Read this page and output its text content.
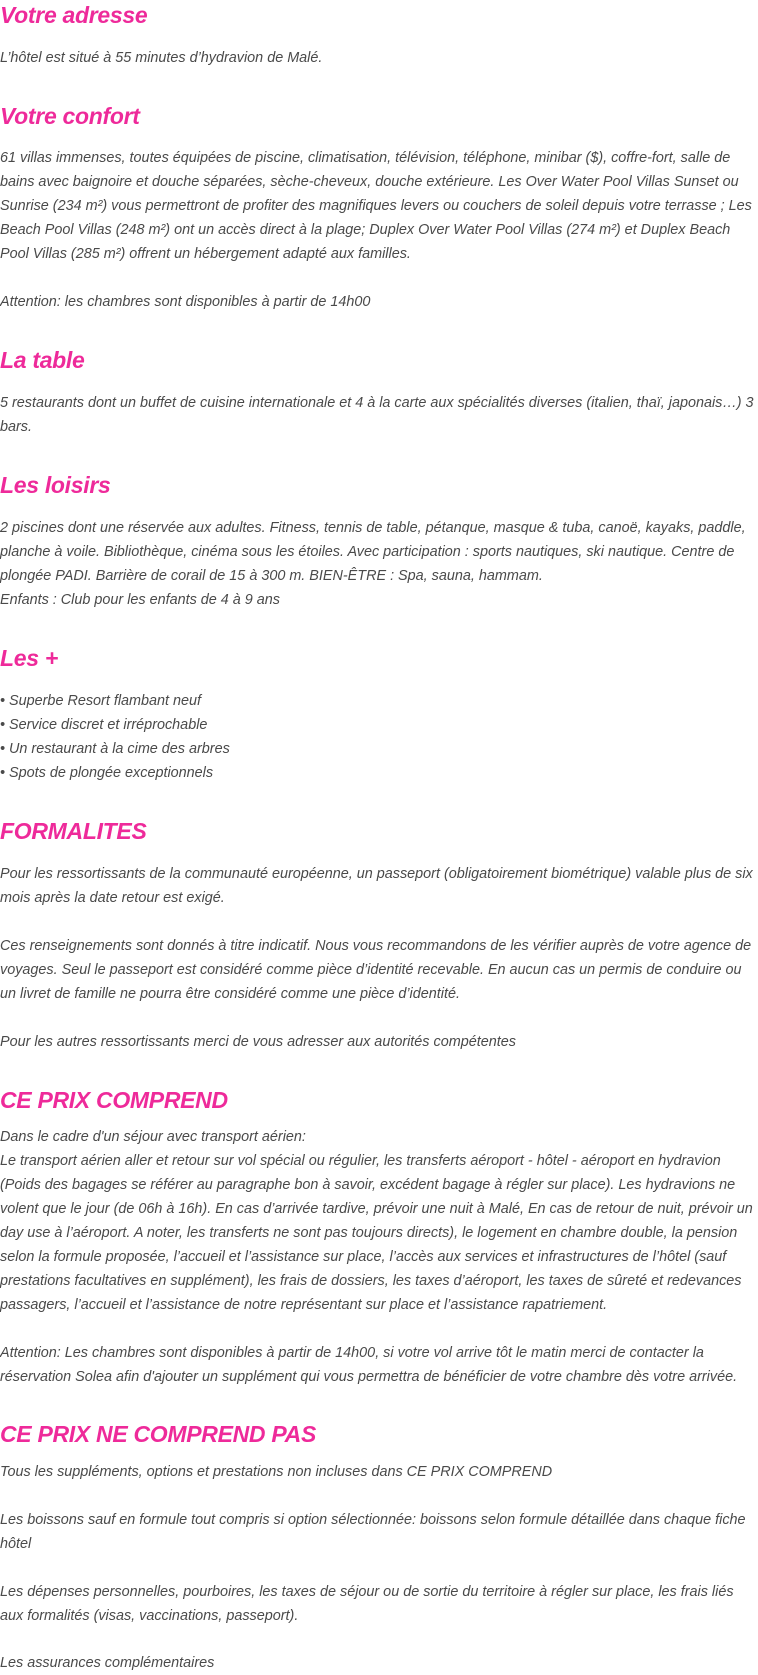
Votre adresse

L’hôtel est situé à 55 minutes d’hydravion de Malé.

Votre confort

61 villas immenses, toutes équipées de piscine, climatisation, télévision, téléphone, minibar ($), coffre-fort, salle de bains avec baignoire et douche séparées, sèche-cheveux, douche extérieure. Les Over Water Pool Villas Sunset ou Sunrise (234 m²) vous permettront de profiter des magnifiques levers ou couchers de soleil depuis votre terrasse ; Les Beach Pool Villas (248 m²) ont un accès direct à la plage; Duplex Over Water Pool Villas (274 m²) et Duplex Beach Pool Villas (285 m²) offrent un hébergement adapté aux familles.

Attention: les chambres sont disponibles à partir de 14h00

La table

5 restaurants dont un buffet de cuisine internationale et 4 à la carte aux spécialités diverses (italien, thaï, japonais…) 3 bars.

Les loisirs

2 piscines dont une réservée aux adultes. Fitness, tennis de table, pétanque, masque & tuba, canoë, kayaks, paddle, planche à voile. Bibliothèque, cinéma sous les étoiles. Avec participation : sports nautiques, ski nautique. Centre de plongée PADI. Barrière de corail de 15 à 300 m. BIEN-ÊTRE : Spa, sauna, hammam.
Enfants : Club pour les enfants de 4 à 9 ans

Les +
• Superbe Resort flambant neuf
• Service discret et irréprochable
• Un restaurant à la cime des arbres
• Spots de plongée exceptionnels
FORMALITES

Pour les ressortissants de la communauté européenne, un passeport (obligatoirement biométrique) valable plus de six mois après la date retour est exigé.

Ces renseignements sont donnés à titre indicatif. Nous vous recommandons de les vérifier auprès de votre agence de voyages. Seul le passeport est considéré comme pièce d’identité recevable. En aucun cas un permis de conduire ou un livret de famille ne pourra être considéré comme une pièce d’identité.

Pour les autres ressortissants merci de vous adresser aux autorités compétentes

CE PRIX COMPREND

Dans le cadre d'un séjour avec transport aérien:
Le transport aérien aller et retour sur vol spécial ou régulier, les transferts aéroport - hôtel - aéroport en hydravion (Poids des bagages se référer au paragraphe bon à savoir, excédent bagage à régler sur place). Les hydravions ne volent que le jour (de 06h à 16h). En cas d’arrivée tardive, prévoir une nuit à Malé, En cas de retour de nuit, prévoir un day use à l’aéroport. A noter, les transferts ne sont pas toujours directs), le logement en chambre double, la pension selon la formule proposée, l’accueil et l’assistance sur place, l’accès aux services et infrastructures de l’hôtel (sauf prestations facultatives en supplément), les frais de dossiers, les taxes d’aéroport, les taxes de sûreté et redevances passagers, l’accueil et l’assistance de notre représentant sur place et l’assistance rapatriement.

Attention: Les chambres sont disponibles à partir de 14h00, si votre vol arrive tôt le matin merci de contacter la réservation Solea afin d'ajouter un supplément qui vous permettra de bénéficier de votre chambre dès votre arrivée.

CE PRIX NE COMPREND PAS

Tous les suppléments, options et prestations non incluses dans CE PRIX COMPREND

Les boissons sauf en formule tout compris si option sélectionnée: boissons selon formule détaillée dans chaque fiche hôtel

Les dépenses personnelles, pourboires, les taxes de séjour ou de sortie du territoire à régler sur place, les frais liés aux formalités (visas, vaccinations, passeport).

Les assurances complémentaires
